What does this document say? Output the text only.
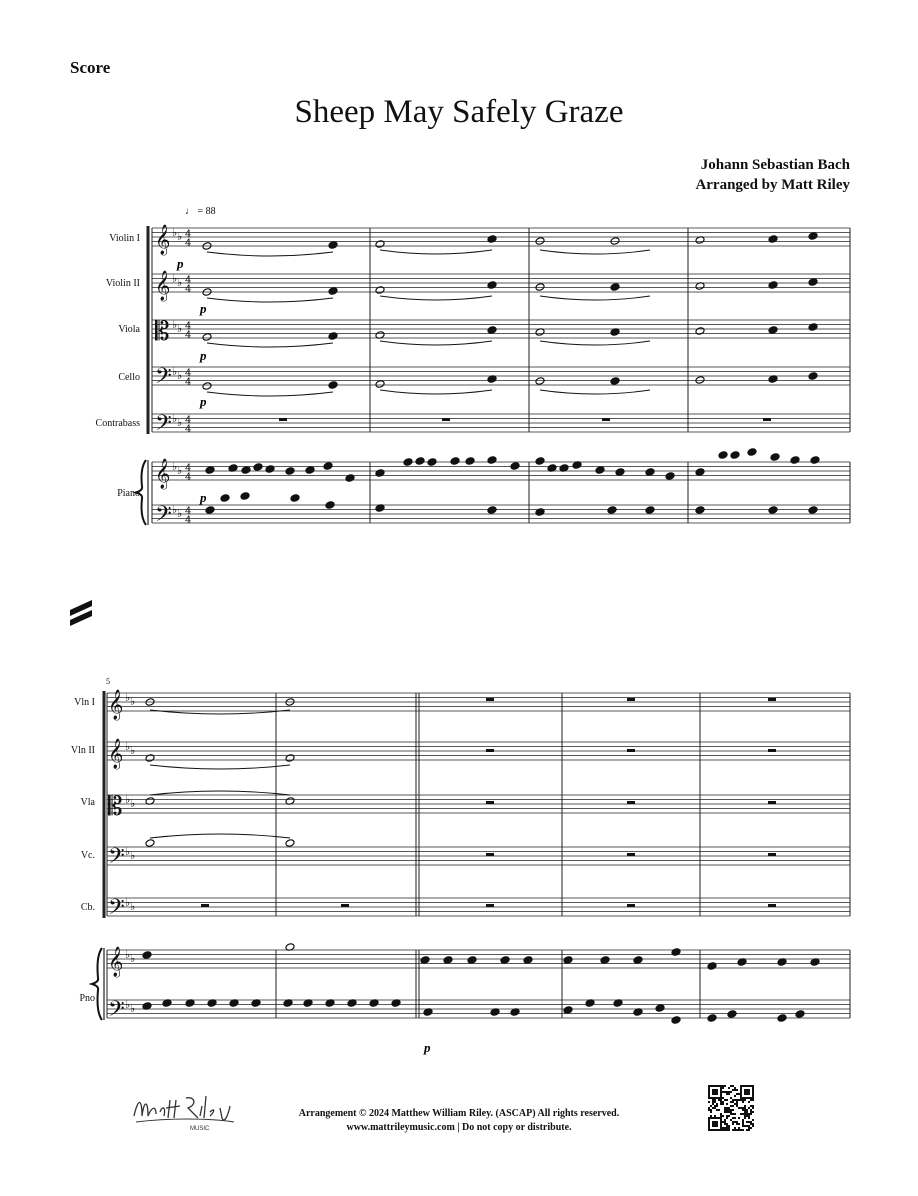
Score
Sheep May Safely Graze
Johann Sebastian Bach
Arranged by Matt Riley
♩ = 88
Violin I
Violin II
Viola
Cello
Contrabass
Piano
Vln I
Vln II
Vla
Vc.
Cb.
Pno
𝄞 ♭ ♭ 4
4
𝄞 ♭ ♭ 4
4
𝄡 ♭ ♭ 4
4
𝄢 ♭ ♭ 4
4
𝄢 ♭ ♭ 4
4
𝄞 ♭ ♭ 4
4
𝄢 ♭ ♭ 4
4
𝄞 ♭ ♭
𝄞 ♭ ♭
𝄡 ♭ ♭
𝄢 ♭ ♭
𝄢 ♭ ♭
𝄞 ♭ ♭
𝄢 ♭ ♭
p
p
p
p
p
5
p
MUSIC
Arrangement © 2024 Matthew William Riley. (ASCAP) All rights reserved.
www.mattrileymusic.com | Do not copy or distribute.
